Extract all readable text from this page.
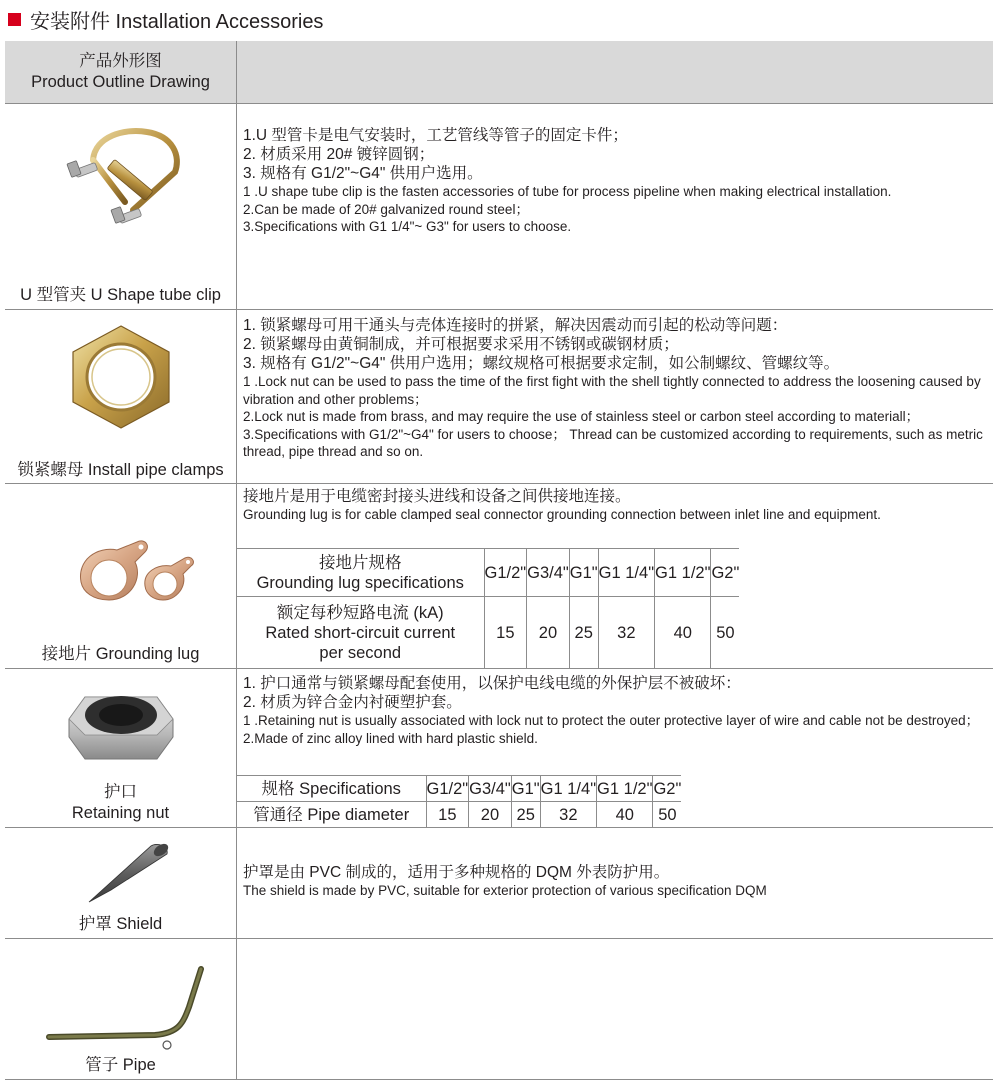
安装附件 Installation Accessories
产品外形图
Product Outline Drawing
U 型管夹 U Shape tube clip
1.U 型管卡是电气安装时，工艺管线等管子的固定卡件；
2. 材质采用 20# 镀锌圆钢；
3. 规格有 G1/2"~G4" 供用户选用。
1 .U shape tube clip is the fasten accessories of tube for process pipeline when making electrical installation.
2.Can be made of 20# galvanized round steel；
3.Specifications with G1 1/4"~ G3" for users to choose.
锁紧螺母 Install pipe clamps
1. 锁紧螺母可用干通头与壳体连接时的拼紧，解决因震动而引起的松动等问题：
2. 锁紧螺母由黄铜制成，并可根据要求采用不锈钢或碳钢材质；
3. 规格有 G1/2"~G4" 供用户选用；螺纹规格可根据要求定制，如公制螺纹、管螺纹等。
1 .Lock nut can be used to pass the time of the first fight with the shell tightly connected to address the loosening caused by vibration and other problems；
2.Lock nut is made from brass, and may require the use of stainless steel or carbon steel according to materiall；
3.Specifications with G1/2"~G4" for users to choose； Thread can be customized according to requirements, such as metric thread, pipe thread and so on.
接地片 Grounding lug
接地片是用于电缆密封接头进线和设备之间供接地连接。
Grounding lug is for cable clamped seal connector grounding connection between inlet line and equipment.
接地片规格
Grounding lug specifications	G1/2"	G3/4"	G1"	G1 1/4"	G1 1/2"	G2"

额定每秒短路电流 (kA)
Rated short-circuit current
per second	15	20	25	32	40	50
护口
Retaining nut
1. 护口通常与锁紧螺母配套使用，以保护电线电缆的外保护层不被破坏：
2. 材质为锌合金内衬硬塑护套。
1 .Retaining nut is usually associated with lock nut to protect the outer protective layer of wire and cable not be destroyed；
2.Made of zinc alloy lined with hard plastic shield.
规格 Specifications	G1/2"	G3/4"	G1"	G1 1/4"	G1 1/2"	G2"
管通径 Pipe diameter	15	20	25	32	40	50
护罩 Shield
护罩是由 PVC 制成的，适用于多种规格的 DQM 外表防护用。
The shield is made by PVC, suitable for exterior protection of various specification DQM
管子 Pipe
